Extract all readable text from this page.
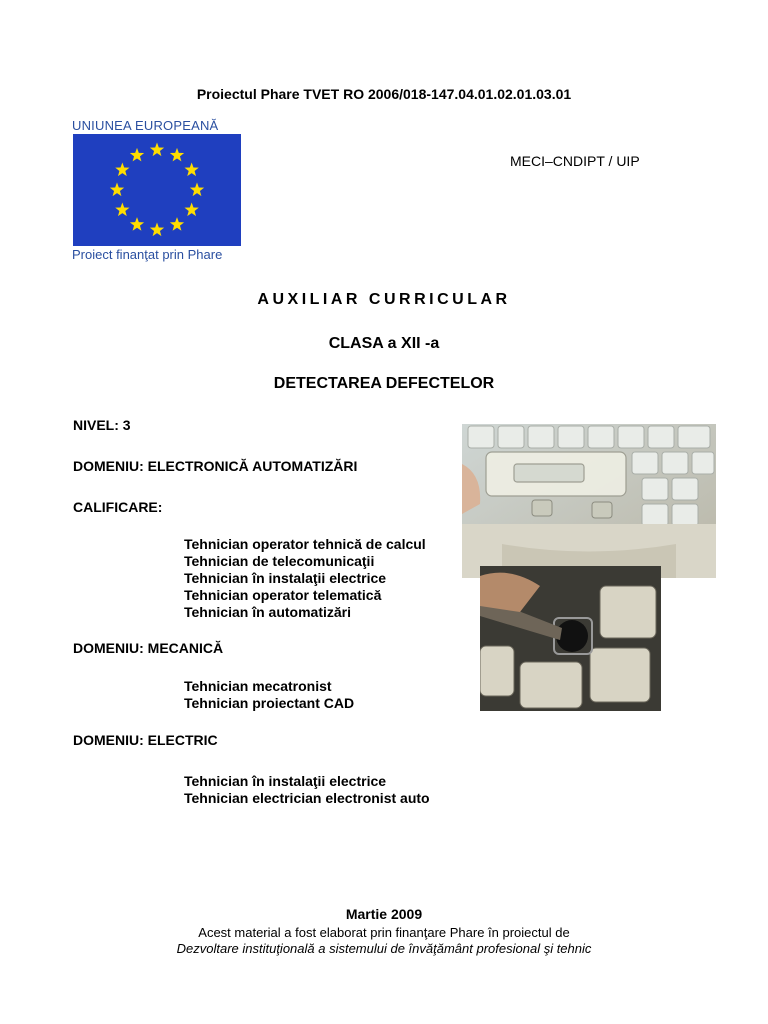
Proiectul Phare TVET RO 2006/018-147.04.01.02.01.03.01
UNIUNEA EUROPEANĂ
Proiect finanţat prin Phare
MECI–CNDIPT / UIP
AUXILIAR CURRICULAR
CLASA a XII -a
DETECTAREA DEFECTELOR
NIVEL: 3
DOMENIU: ELECTRONICĂ AUTOMATIZĂRI
CALIFICARE:
Tehnician operator tehnică de calcul
Tehnician de telecomunicaţii
Tehnician în instalaţii electrice
Tehnician operator telematică
Tehnician în automatizări
DOMENIU: MECANICĂ
Tehnician mecatronist
Tehnician proiectant CAD
DOMENIU: ELECTRIC
Tehnician în instalaţii electrice
Tehnician electrician electronist auto
Martie 2009
Acest material a fost elaborat prin finanţare Phare în proiectul de
Dezvoltare instituţională a sistemului de învăţământ profesional şi tehnic
